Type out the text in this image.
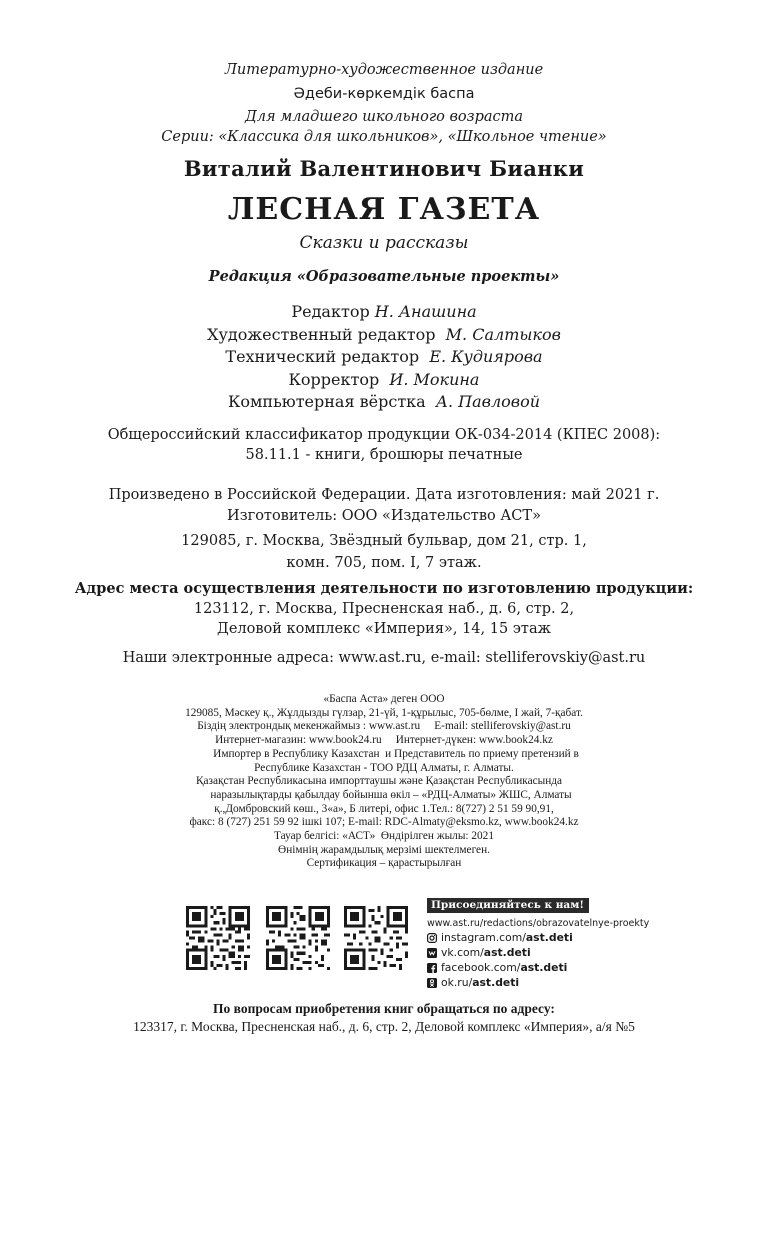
Литературно-художественное издание
Әдеби-көркемдік баспа
Для младшего школьного возраста
Серии: «Классика для школьников», «Школьное чтение»
Виталий Валентинович Бианки
ЛЕСНАЯ ГАЗЕТА
Сказки и рассказы
Редакция «Образовательные проекты»
Редактор Н. Анашина
Художественный редактор М. Салтыков
Технический редактор Е. Кудиярова
Корректор И. Мокина
Компьютерная вёрстка А. Павловой
Общероссийский классификатор продукции ОК-034-2014 (КПЕС 2008):
58.11.1 - книги, брошюры печатные
Произведено в Российской Федерации. Дата изготовления: май 2021 г.
Изготовитель: ООО «Издательство АСТ»
129085, г. Москва, Звёздный бульвар, дом 21, стр. 1,
комн. 705, пом. I, 7 этаж.
Адрес места осуществления деятельности по изготовлению продукции:
123112, г. Москва, Пресненская наб., д. 6, стр. 2,
Деловой комплекс «Империя», 14, 15 этаж
Наши электронные адреса: www.ast.ru, e-mail: stelliferovskiy@ast.ru
«Баспа Аста» деген ООО
129085, Мәскеу қ., Жұлдызды гүлзар, 21-үй, 1-құрылыс, 705-бөлме, I жай, 7-қабат.
Біздің электрондық мекенжаймыз : www.ast.ru     E-mail: stelliferovskiy@ast.ru
Интернет-магазин: www.book24.ru     Интернет-дүкен: www.book24.kz
Импортер в Республику Казахстан  и Представитель по приему претензий в
Республике Казахстан - ТОО РДЦ Алматы, г. Алматы.
Қазақстан Республикасына импорттаушы және Қазақстан Республикасында
наразылықтарды қабылдау бойынша өкіл – «РДЦ-Алматы» ЖШС, Алматы
қ.,Домбровский көш., 3«а», Б литерi, офис 1.Тел.: 8(727) 2 51 59 90,91,
факс: 8 (727) 251 59 92 ішкі 107; E-mail: RDC-Almaty@eksmo.kz, www.book24.kz
Тауар белгісі: «АСТ»  Өндірілген жылы: 2021
Өнімнің жарамдылық мерзімі шектелмеген.
Сертификация – қарастырылған
Присоединяйтесь к нам!
www.ast.ru/redactions/obrazovatelnye-proekty
instagram.com/ ast.deti
vk.com/ ast.deti
facebook.com/ ast.deti
ok.ru/ ast.deti
По вопросам приобретения книг обращаться по адресу:
123317, г. Москва, Пресненская наб., д. 6, стр. 2, Деловой комплекс «Империя», а/я №5
